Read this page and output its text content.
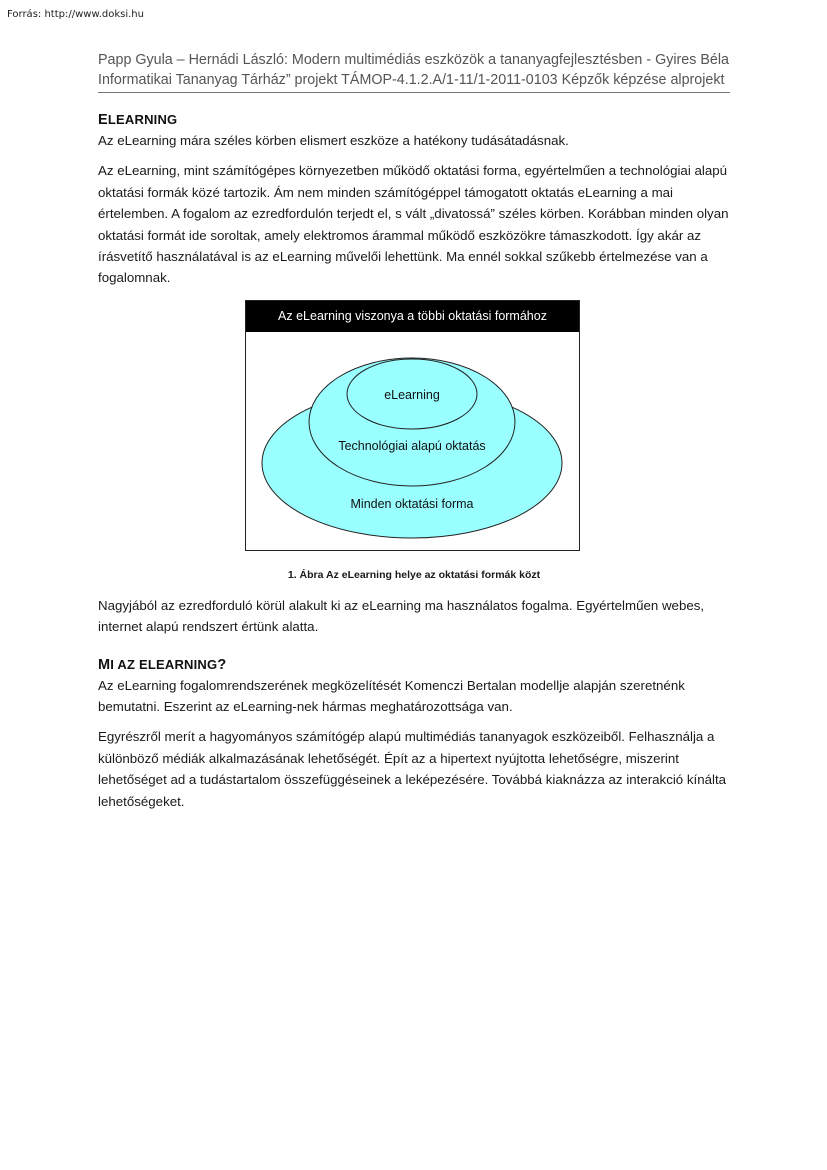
Forrás: http://www.doksi.hu
Papp Gyula – Hernádi László: Modern multimédiás eszközök a tananyagfejlesztésben - Gyires Béla Informatikai Tananyag Tárház” projekt TÁMOP-4.1.2.A/1-11/1-2011-0103 Képzők képzése alprojekt
ELEARNING

Az eLearning mára széles körben elismert eszköze a hatékony tudásátadásnak.

Az eLearning, mint számítógépes környezetben működő oktatási forma, egyértelműen a technológiai alapú oktatási formák közé tartozik. Ám nem minden számítógéppel támogatott oktatás eLearning a mai értelemben. A fogalom az ezredfordulón terjedt el, s vált „divatossá” széles körben. Korábban minden olyan oktatási formát ide soroltak, amely elektromos árammal működő eszközökre támaszkodott. Így akár az írásvetítő használatával is az eLearning művelői lehettünk. Ma ennél sokkal szűkebb értelmezése van a fogalomnak.

Az eLearning viszonya a többi oktatási formához
eLearning
Technológiai alapú oktatás
Minden oktatási forma
1. Ábra Az eLearning helye az oktatási formák közt

Nagyjából az ezredforduló körül alakult ki az eLearning ma használatos fogalma. Egyértelműen webes, internet alapú rendszert értünk alatta.

MI AZ ELEARNING?

Az eLearning fogalomrendszerének megközelítését Komenczi Bertalan modellje alapján szeretnénk bemutatni. Eszerint az eLearning-nek hármas meghatározottsága van.

Egyrészről merít a hagyományos számítógép alapú multimédiás tananyagok eszközeiből. Felhasználja a különböző médiák alkalmazásának lehetőségét. Épít az a hipertext nyújtotta lehetőségre, miszerint lehetőséget ad a tudástartalom összefüggéseinek a leképezésére. Továbbá kiaknázza az interakció kínálta lehetőségeket.
